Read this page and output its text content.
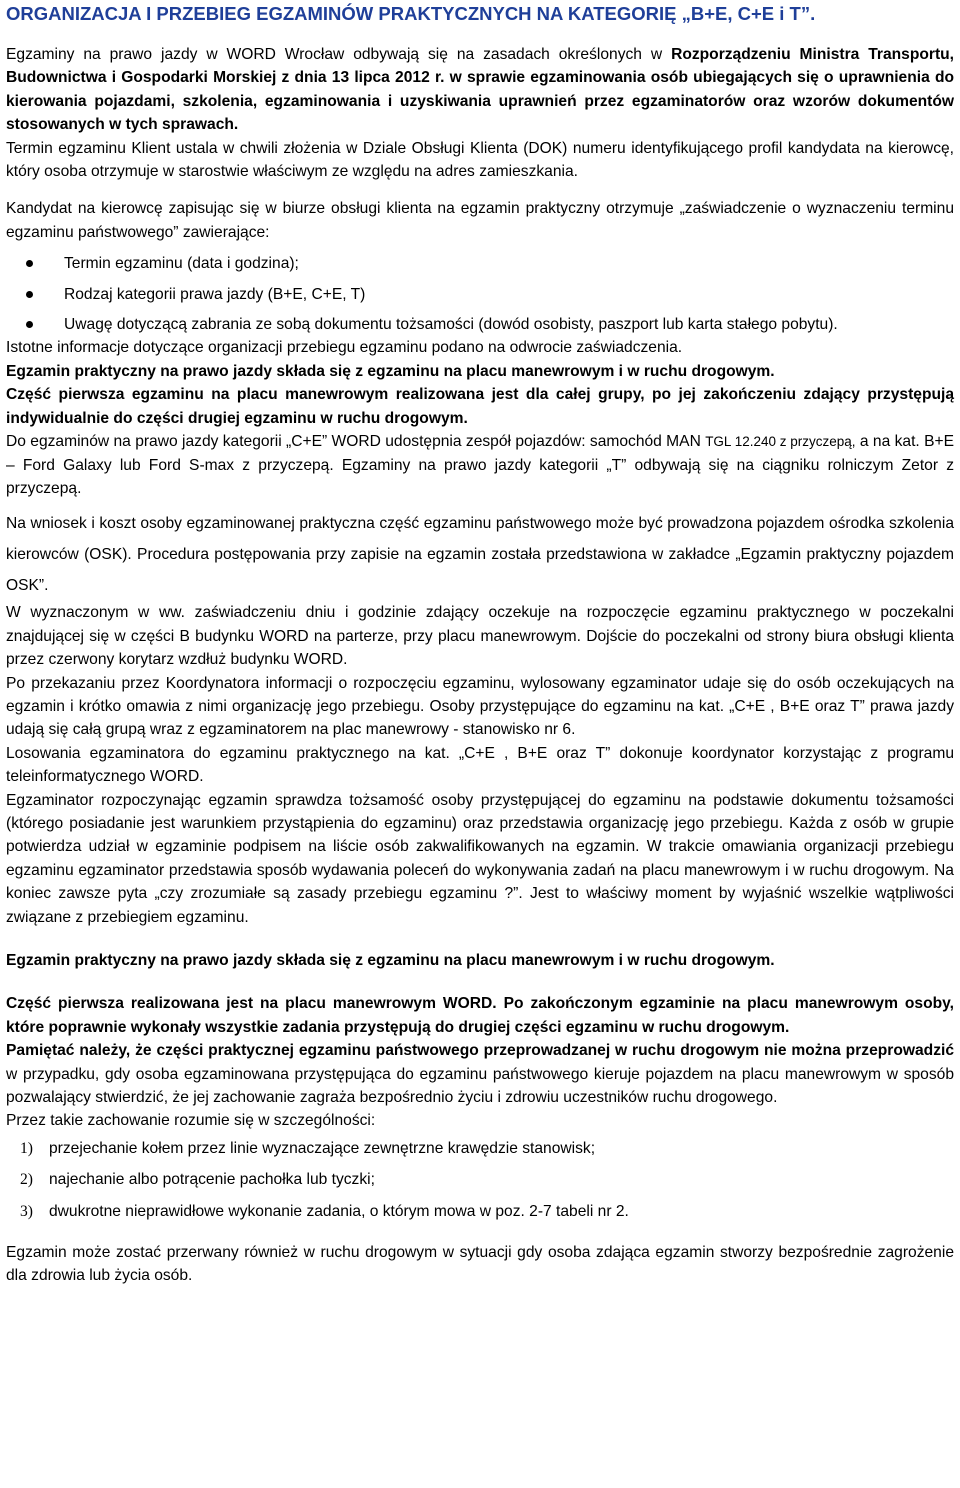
ORGANIZACJA I PRZEBIEG EGZAMINÓW PRAKTYCZNYCH NA KATEGORIĘ „B+E, C+E i T”.

Egzaminy na prawo jazdy w WORD Wrocław odbywają się na zasadach określonych w Rozporządzeniu Ministra Transportu, Budownictwa i Gospodarki Morskiej z dnia 13 lipca 2012 r. w sprawie egzaminowania osób ubiegających się o uprawnienia do kierowania pojazdami, szkolenia, egzaminowania i uzyskiwania uprawnień przez egzaminatorów oraz wzorów dokumentów stosowanych w tych sprawach.

Termin egzaminu Klient ustala w chwili złożenia w Dziale Obsługi Klienta (DOK) numeru identyfikującego profil kandydata na kierowcę, który osoba otrzymuje w starostwie właściwym ze względu na adres zamieszkania.

Kandydat na kierowcę zapisując się w biurze obsługi klienta na egzamin praktyczny otrzymuje „zaświadczenie o wyznaczeniu terminu egzaminu państwowego” zawierające:

Termin egzaminu (data i godzina);
Rodzaj kategorii prawa jazdy (B+E, C+E, T)
Uwagę dotyczącą zabrania ze sobą dokumentu tożsamości (dowód osobisty, paszport lub karta stałego pobytu).

Istotne informacje dotyczące organizacji przebiegu egzaminu podano na odwrocie zaświadczenia.

Egzamin praktyczny na prawo jazdy składa się z egzaminu na placu manewrowym i w ruchu drogowym.

Część pierwsza egzaminu na placu manewrowym realizowana jest dla całej grupy, po jej zakończeniu zdający przystępują indywidualnie do części drugiej egzaminu w ruchu drogowym.

Do egzaminów na prawo jazdy kategorii „C+E” WORD udostępnia zespół pojazdów: samochód MAN TGL 12.240 z przyczepą, a na kat. B+E – Ford Galaxy lub Ford S-max z przyczepą. Egzaminy na prawo jazdy kategorii „T” odbywają się na ciągniku rolniczym Zetor z przyczepą.

Na wniosek i koszt osoby egzaminowanej praktyczna część egzaminu państwowego może być prowadzona pojazdem ośrodka szkolenia kierowców (OSK). Procedura postępowania przy zapisie na egzamin została przedstawiona w zakładce „Egzamin praktyczny pojazdem OSK”.

W wyznaczonym w ww. zaświadczeniu dniu i godzinie zdający oczekuje na rozpoczęcie egzaminu praktycznego w poczekalni znajdującej się w części B budynku WORD na parterze, przy placu manewrowym. Dojście do poczekalni od strony biura obsługi klienta przez czerwony korytarz wzdłuż budynku WORD.

Po przekazaniu przez Koordynatora informacji o rozpoczęciu egzaminu, wylosowany egzaminator udaje się do osób oczekujących na egzamin i krótko omawia z nimi organizację jego przebiegu. Osoby przystępujące do egzaminu na kat. „C+E , B+E oraz T” prawa jazdy udają się całą grupą wraz z egzaminatorem na plac manewrowy - stanowisko nr 6.

Losowania egzaminatora do egzaminu praktycznego na kat. „C+E , B+E oraz T” dokonuje koordynator korzystając z programu teleinformatycznego WORD.

Egzaminator rozpoczynając egzamin sprawdza tożsamość osoby przystępującej do egzaminu na podstawie dokumentu tożsamości (którego posiadanie jest warunkiem przystąpienia do egzaminu) oraz przedstawia organizację jego przebiegu. Każda z osób w grupie potwierdza udział w egzaminie podpisem na liście osób zakwalifikowanych na egzamin. W trakcie omawiania organizacji przebiegu egzaminu egzaminator przedstawia sposób wydawania poleceń do wykonywania zadań na placu manewrowym i w ruchu drogowym. Na koniec zawsze pyta „czy zrozumiałe są zasady przebiegu egzaminu ?”. Jest to właściwy moment by wyjaśnić wszelkie wątpliwości związane z przebiegiem egzaminu.

Egzamin praktyczny na prawo jazdy składa się z egzaminu na placu manewrowym i w ruchu drogowym.

Część pierwsza realizowana jest na placu manewrowym WORD. Po zakończonym egzaminie na placu manewrowym osoby, które poprawnie wykonały wszystkie zadania przystępują do drugiej części egzaminu w ruchu drogowym.

Pamiętać należy, że części praktycznej egzaminu państwowego przeprowadzanej w ruchu drogowym nie można przeprowadzić w przypadku, gdy osoba egzaminowana przystępująca do egzaminu państwowego kieruje pojazdem na placu manewrowym w sposób pozwalający stwierdzić, że jej zachowanie zagraża bezpośrednio życiu i zdrowiu uczestników ruchu drogowego.

Przez takie zachowanie rozumie się w szczególności:

1) przejechanie kołem przez linie wyznaczające zewnętrzne krawędzie stanowisk;
2) najechanie albo potrącenie pachołka lub tyczki;
3) dwukrotne nieprawidłowe wykonanie zadania, o którym mowa w poz. 2-7 tabeli nr 2.

Egzamin może zostać przerwany również w ruchu drogowym w sytuacji gdy osoba zdająca egzamin stworzy bezpośrednie zagrożenie dla zdrowia lub życia osób.
